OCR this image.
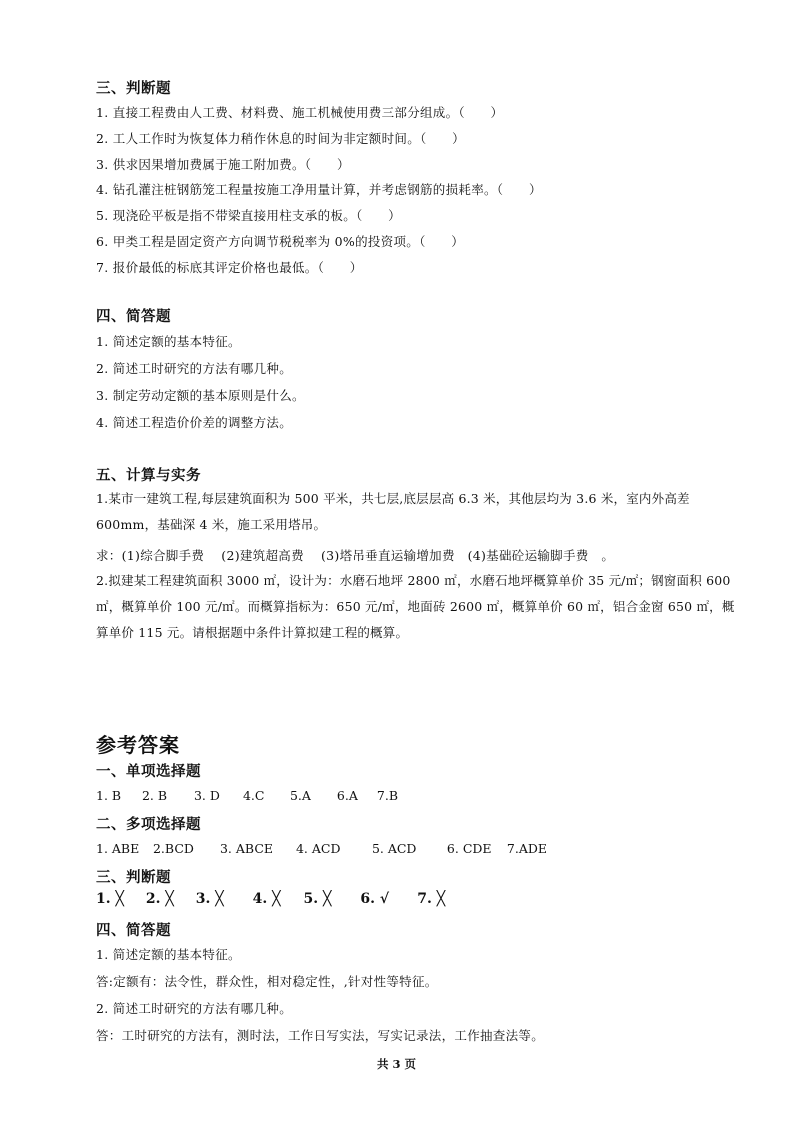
三、判断题
1. 直接工程费由人工费、材料费、施工机械使用费三部分组成。（　　）
2. 工人工作时为恢复体力稍作休息的时间为非定额时间。（　　）
3. 供求因果增加费属于施工附加费。（　　）
4. 钻孔灌注桩钢筋笼工程量按施工净用量计算，并考虑钢筋的损耗率。（　　）
5. 现浇砼平板是指不带梁直接用柱支承的板。（　　）
6. 甲类工程是固定资产方向调节税税率为 0%的投资项。（　　）
7. 报价最低的标底其评定价格也最低。（　　）
四、简答题
1. 简述定额的基本特征。
2. 简述工时研究的方法有哪几种。
3. 制定劳动定额的基本原则是什么。
4. 简述工程造价价差的调整方法。
五、计算与实务
1.某市一建筑工程,每层建筑面积为 500 平米，共七层,底层层高 6.3 米，其他层均为 3.6 米，室内外高差 600mm，基础深 4 米，施工采用塔吊。
求：(1)综合脚手费　 (2)建筑超高费　 (3)塔吊垂直运输增加费　(4)基础砼运输脚手费　。
2.拟建某工程建筑面积 3000 ㎡，设计为：水磨石地坪 2800 ㎡，水磨石地坪概算单价 35 元/㎡；钢窗面积 600 ㎡，概算单价 100 元/㎡。而概算指标为：650 元/㎡，地面砖 2600 ㎡，概算单价 60 ㎡，铝合金窗 650 ㎡，概算单价 115 元。请根据题中条件计算拟建工程的概算。
参考答案
一、单项选择题
1. B 2. B 3. D 4.C 5.A 6.A 7.B
二、多项选择题
1. ABE 2.BCD 3. ABCE 4. ACD	5. ACD 6. CDE 7.ADE
三、判断题
1. ╳ 2. ╳ 3. ╳ 4. ╳ 5. ╳ 6. √ 7. ╳
四、简答题
1. 简述定额的基本特征。
答:定额有：法令性，群众性，相对稳定性，,针对性等特征。
2. 简述工时研究的方法有哪几种。
答：工时研究的方法有，测时法，工作日写实法，写实记录法，工作抽查法等。
共 3 页
